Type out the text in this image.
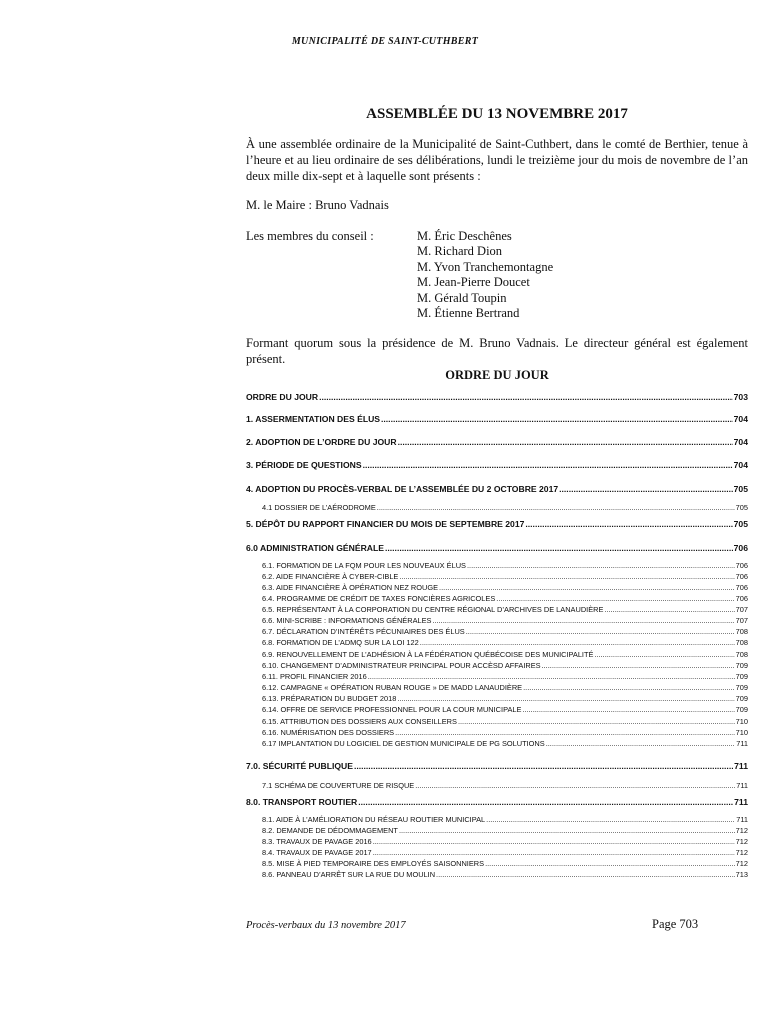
MUNICIPALITÉ DE SAINT-CUTHBERT
ASSEMBLÉE DU 13 NOVEMBRE 2017

À une assemblée ordinaire de la Municipalité de Saint-Cuthbert, dans le comté de Berthier, tenue à l’heure et au lieu ordinaire de ses délibérations, lundi le treizième jour du mois de novembre de l’an deux mille dix-sept et à laquelle sont présents :

M. le Maire : Bruno Vadnais
Les membres du conseil :	M. Éric Deschênes
M. Richard Dion
M. Yvon Tranchemontagne
M. Jean-Pierre Doucet
M. Gérald Toupin
M. Étienne Bertrand

Formant quorum sous la présidence de M. Bruno Vadnais. Le directeur général est également présent.

ORDRE DU JOUR
ORDRE DU JOUR .....	703
1. ASSERMENTATION DES ÉLUS .....	704
2. ADOPTION DE L’ORDRE DU JOUR .....	704
3. PÉRIODE DE QUESTIONS .....	704
4. ADOPTION DU PROCÈS-VERBAL DE L’ASSEMBLÉE DU 2 OCTOBRE 2017 .....	705
4.1 DOSSIER DE L’AÉRODROME .....	705
5. DÉPÔT DU RAPPORT FINANCIER DU MOIS DE SEPTEMBRE 2017 .....	705
6.0 ADMINISTRATION GÉNÉRALE .....	706
6.1. FORMATION DE LA FQM POUR LES NOUVEAUX ÉLUS .....	706
6.2. AIDE FINANCIÈRE À CYBER-CIBLE .....	706
6.3. AIDE FINANCIÈRE À OPÉRATION NEZ ROUGE .....	706
6.4. PROGRAMME DE CRÉDIT DE TAXES FONCIÈRES AGRICOLES .....	706
6.5. REPRÉSENTANT À LA CORPORATION DU CENTRE RÉGIONAL D’ARCHIVES DE LANAUDIÈRE .....	707
6.6. MINI-SCRIBE : INFORMATIONS GÉNÉRALES .....	707
6.7. DÉCLARATION D’INTÉRÊTS PÉCUNIAIRES DES ÉLUS .....	708
6.8. FORMATION DE L’ADMQ SUR LA LOI 122 .....	708
6.9. RENOUVELLEMENT DE L’ADHÉSION À LA FÉDÉRATION QUÉBÉCOISE DES MUNICIPALITÉ .....	708
6.10. CHANGEMENT D’ADMINISTRATEUR PRINCIPAL POUR ACCÈSD AFFAIRES .....	709
6.11. PROFIL FINANCIER 2016 .....	709
6.12. CAMPAGNE « OPÉRATION RUBAN ROUGE » DE MADD LANAUDIÈRE .....	709
6.13. PRÉPARATION DU BUDGET 2018 .....	709
6.14. OFFRE DE SERVICE PROFESSIONNEL POUR LA COUR MUNICIPALE .....	709
6.15. ATTRIBUTION DES DOSSIERS AUX CONSEILLERS .....	710
6.16. NUMÉRISATION DES DOSSIERS .....	710
6.17 IMPLANTATION DU LOGICIEL DE GESTION MUNICIPALE DE PG SOLUTIONS .....	711
7.0. SÉCURITÉ PUBLIQUE .....	711
7.1 SCHÉMA DE COUVERTURE DE RISQUE .....	711
8.0. TRANSPORT ROUTIER .....	711
8.1. AIDE À L’AMÉLIORATION DU RÉSEAU ROUTIER MUNICIPAL .....	711
8.2. DEMANDE DE DÉDOMMAGEMENT .....	712
8.3. TRAVAUX DE PAVAGE 2016 .....	712
8.4. TRAVAUX DE PAVAGE 2017 .....	712
8.5. MISE À PIED TEMPORAIRE DES EMPLOYÉS SAISONNIERS .....	712
8.6. PANNEAU D’ARRÊT SUR LA RUE DU MOULIN .....	713
Procès-verbaux du 13 novembre 2017	Page 703
